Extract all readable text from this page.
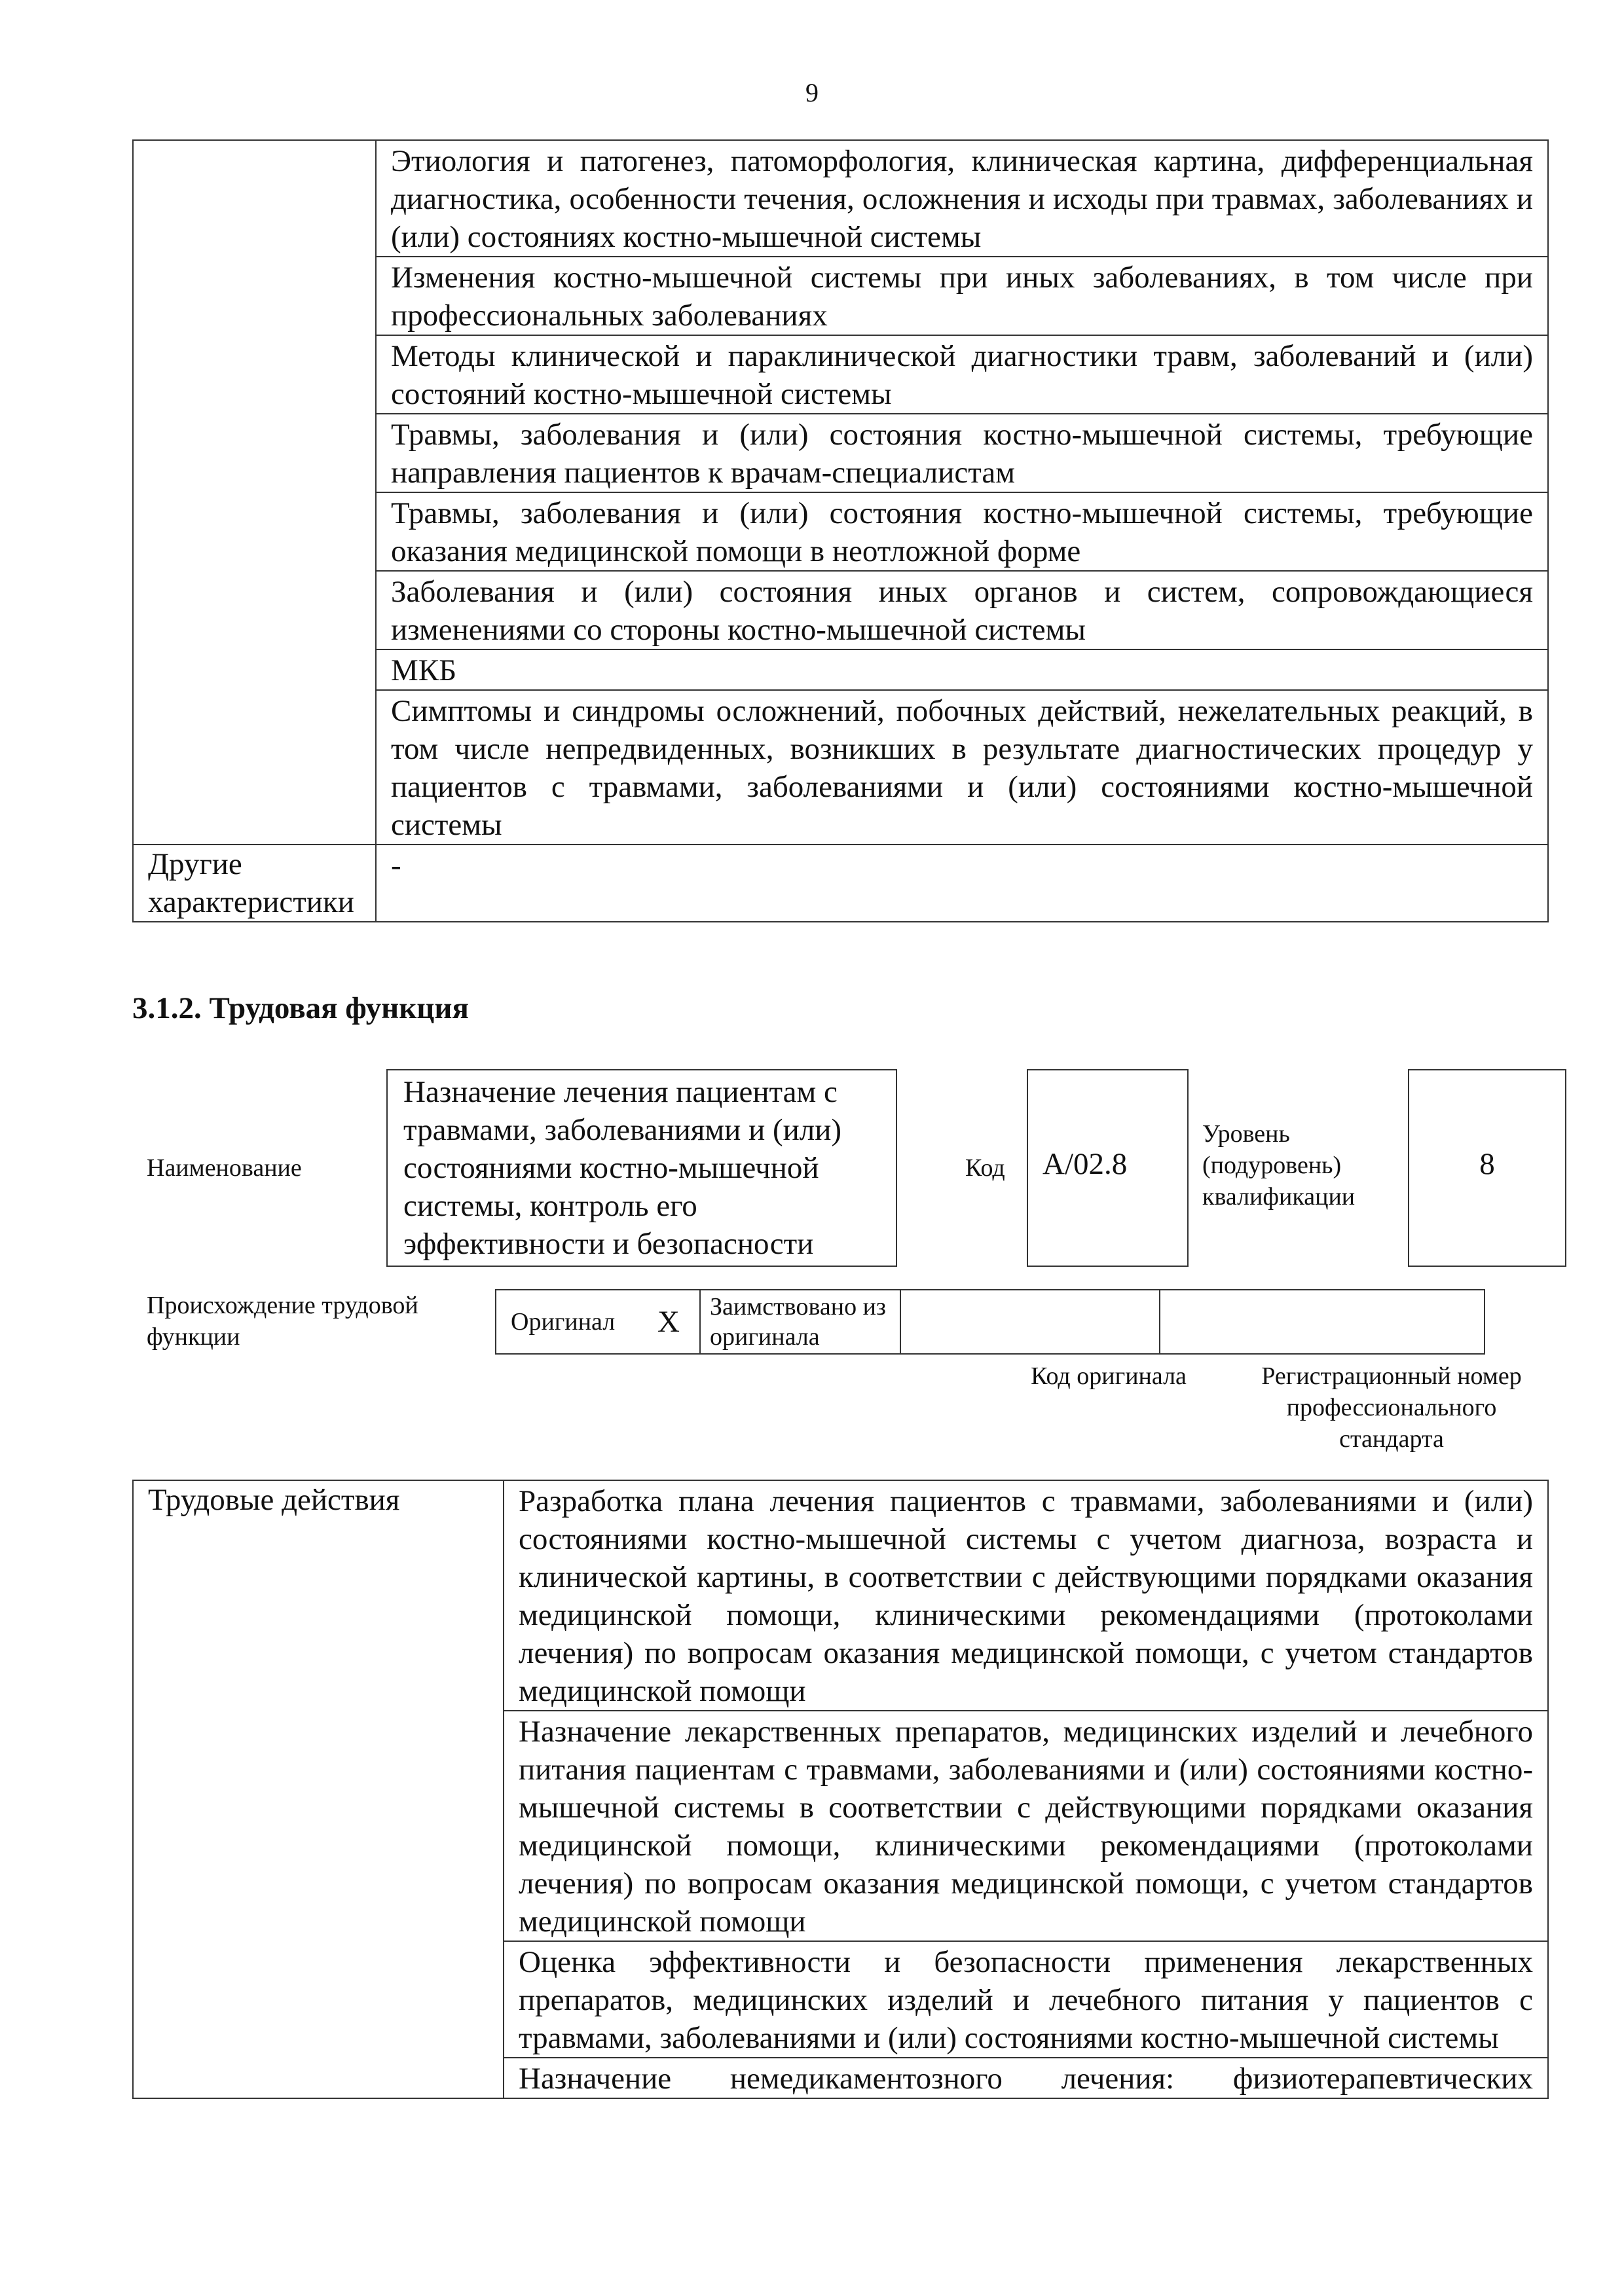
9
	Этиология и патогенез, патоморфология, клиническая картина, дифференциальная диагностика, особенности течения, осложнения и исходы при травмах, заболеваниях и (или) состояниях костно-мышечной системы
	Изменения костно-мышечной системы при иных заболеваниях, в том числе при профессиональных заболеваниях
	Методы клинической и параклинической диагностики травм, заболеваний и (или) состояний костно-мышечной системы
	Травмы, заболевания и (или) состояния костно-мышечной системы, требующие направления пациентов к врачам-специалистам
	Травмы, заболевания и (или) состояния костно-мышечной системы, требующие оказания медицинской помощи в неотложной форме
	Заболевания и (или) состояния иных органов и систем, сопровождающиеся изменениями со стороны костно-мышечной системы
	МКБ
	Симптомы и синдромы осложнений, побочных действий, нежелательных реакций, в том числе непредвиденных, возникших в результате диагностических процедур у пациентов с травмами, заболеваниями и (или) состояниями костно-мышечной системы
Другие характеристики	-
3.1.2. Трудовая функция
Наименование
Назначение лечения пациентам с травмами, заболеваниями и (или) состояниями костно-мышечной системы, контроль его эффективности и безопасности
Код A/02.8
Уровень (подуровень) квалификации
8
Происхождение трудовой функции
Оригинал	X	Заимствовано из оригинала		
Код оригинала	Регистрационный номер профессионального стандарта
Трудовые действия	Разработка плана лечения пациентов с травмами, заболеваниями и (или) состояниями костно-мышечной системы с учетом диагноза, возраста и клинической картины, в соответствии с действующими порядками оказания медицинской помощи, клиническими рекомендациями (протоколами лечения) по вопросам оказания медицинской помощи, с учетом стандартов медицинской помощи
Назначение лекарственных препаратов, медицинских изделий и лечебного питания пациентам с травмами, заболеваниями и (или) состояниями костно-мышечной системы в соответствии с действующими порядками оказания медицинской помощи, клиническими рекомендациями (протоколами лечения) по вопросам оказания медицинской помощи, с учетом стандартов медицинской помощи
Оценка эффективности и безопасности применения лекарственных препаратов, медицинских изделий и лечебного питания у пациентов с травмами, заболеваниями и (или) состояниями костно-мышечной системы
Назначение немедикаментозного лечения: физиотерапевтических
